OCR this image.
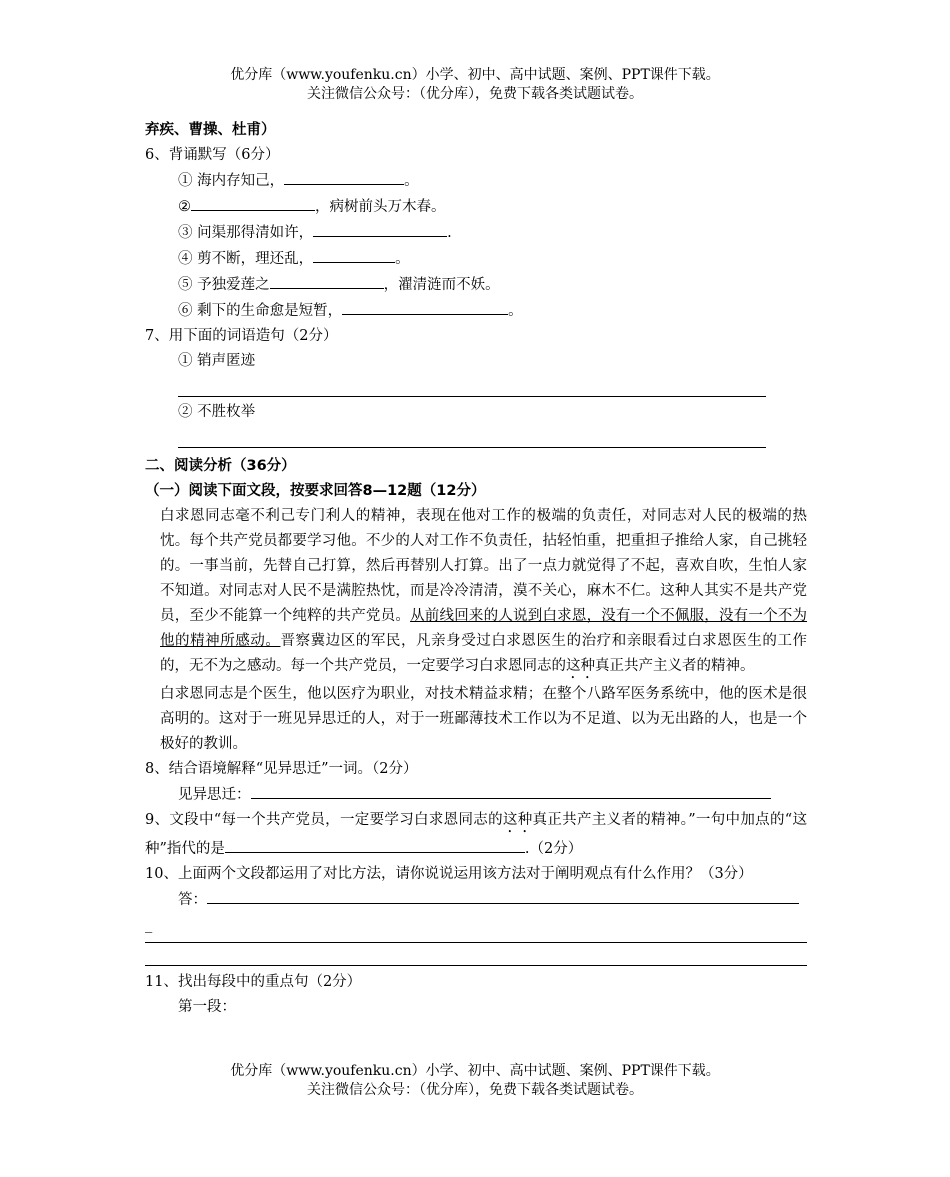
优分库（www.youfenku.cn）小学、初中、高中试题、案例、PPT课件下载。
关注微信公众号：（优分库），免费下载各类试题试卷。
弃疾、曹操、杜甫）
6、背诵默写（6分）
① 海内存知己，	。
②	，病树前头万木春。
③ 问渠那得清如许，	.
④ 剪不断，理还乱，	。
⑤ 予独爱莲之	，濯清涟而不妖。
⑥ 剩下的生命愈是短暂，	。
7、用下面的词语造句（2分）
① 销声匿迹
② 不胜枚举
二、阅读分析（36分）
（一）阅读下面文段，按要求回答8—12题（12分）
白求恩同志毫不利己专门利人的精神，表现在他对工作的极端的负责任，对同志对人民的极端的热忱。每个共产党员都要学习他。不少的人对工作不负责任，拈轻怕重，把重担子推给人家，自己挑轻的。一事当前，先替自己打算，然后再替别人打算。出了一点力就觉得了不起，喜欢自吹，生怕人家不知道。对同志对人民不是满腔热忱，而是冷冷清清，漠不关心，麻木不仁。这种人其实不是共产党员，至少不能算一个纯粹的共产党员。从前线回来的人说到白求恩，没有一个不佩服，没有一个不为他的精神所感动。晋察冀边区的军民，凡亲身受过白求恩医生的治疗和亲眼看过白求恩医生的工作的，无不为之感动。每一个共产党员，一定要学习白求恩同志的这种真正共产主义者的精神。
白求恩同志是个医生，他以医疗为职业，对技术精益求精；在整个八路军医务系统中，他的医术是很高明的。这对于一班见异思迁的人，对于一班鄙薄技术工作以为不足道、以为无出路的人，也是一个极好的教训。
8、结合语境解释“见异思迁”一词。（2分）
见异思迁：
9、文段中“每一个共产党员，一定要学习白求恩同志的这种真正共产主义者的精神。”一句中加点的“这种”指代的是	.（2分）
10、上面两个文段都运用了对比方法，请你说说运用该方法对于阐明观点有什么作用？（3分）
答：
_
11、找出每段中的重点句（2分）
第一段：
优分库（www.youfenku.cn）小学、初中、高中试题、案例、PPT课件下载。
关注微信公众号：（优分库），免费下载各类试题试卷。
